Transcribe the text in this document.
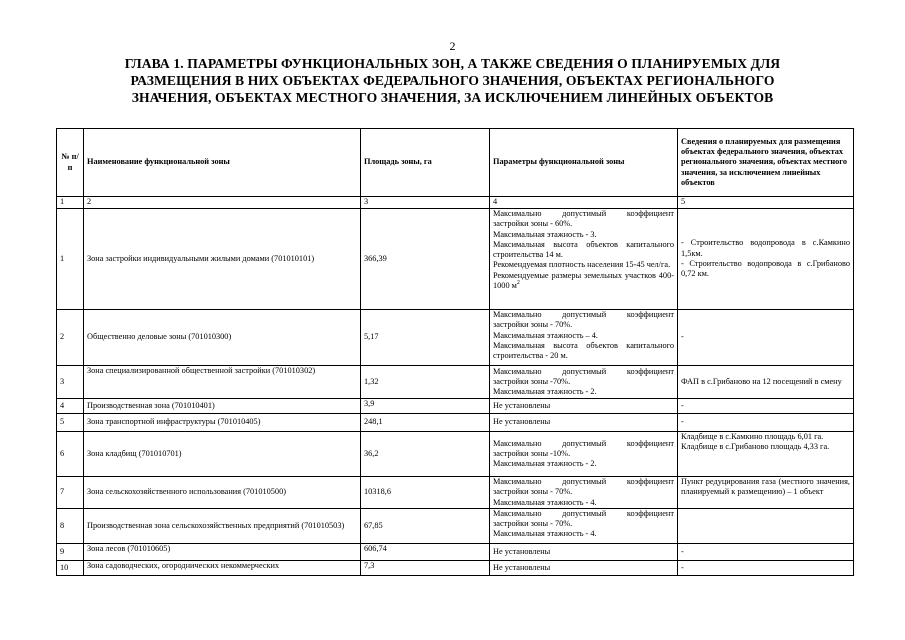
2
ГЛАВА 1. ПАРАМЕТРЫ ФУНКЦИОНАЛЬНЫХ ЗОН, А ТАКЖЕ СВЕДЕНИЯ О ПЛАНИРУЕМЫХ ДЛЯ
РАЗМЕЩЕНИЯ В НИХ ОБЪЕКТАХ ФЕДЕРАЛЬНОГО ЗНАЧЕНИЯ, ОБЪЕКТАХ РЕГИОНАЛЬНОГО
ЗНАЧЕНИЯ, ОБЪЕКТАХ МЕСТНОГО ЗНАЧЕНИЯ, ЗА ИСКЛЮЧЕНИЕМ ЛИНЕЙНЫХ ОБЪЕКТОВ
№ п/п	Наименование функциональной зоны	Площадь зоны, га	Параметры функциональной зоны	Сведения о планируемых для размещения объектах федерального значения, объектах регионального значения, объектах местного значения, за исключением линейных объектов
1	2	3	4	5
1	Зона застройки индивидуальными жилыми домами (701010101)	366,39	Максимально допустимый коэффициент застройки зоны - 60%.
Максимальная этажность - 3.
Максимальная высота объектов капитального строительства 14 м.
Рекомендуемая плотность населения 15-45 чел/га.
Рекомендуемые размеры земельных участков 400-1000 $м^2$	- Строительство водопровода в с.Камкино 1,5км.
- Строительство водопровода в с.Грибаново 0,72 км.

2	Общественно деловые зоны (701010300)	5,17	Максимально допустимый коэффициент застройки зоны - 70%.
Максимальная этажность – 4.
Максимальная высота объектов капитального строительства - 20 м.	-

3	Зона специализированной общественной застройки (701010302)	1,32	Максимально допустимый коэффициент застройки зоны -70%.
Максимальная этажность - 2.	ФАП в с.Грибаново на 12 посещений в смену

4	Производственная зона (701010401)	3,9	Не установлены	-

5	Зона транспортной инфраструктуры (701010405)	248,1	Не установлены	-

6	Зона кладбищ (701010701)	36,2	Максимально допустимый коэффициент застройки зоны -10%.
Максимальная этажность - 2.	Кладбище в с.Камкино площадь 6,01 га.
Кладбище в с.Грибаново площадь 4,33 га.

7	Зона сельскохозяйственного использования (701010500)	10318,6	Максимально допустимый коэффициент застройки зоны - 70%.
Максимальная этажность - 4.	Пункт редуцирования газа (местного значения, планируемый к размещению) – 1 объект

8	Производственная зона сельскохозяйственных предприятий (701010503)	67,85	Максимально допустимый коэффициент застройки зоны - 70%.
Максимальная этажность - 4.	

9	Зона лесов (701010605)	606,74	Не установлены	-

10	Зона садоводческих, огороднических некоммерческих	7,3	Не установлены	-
